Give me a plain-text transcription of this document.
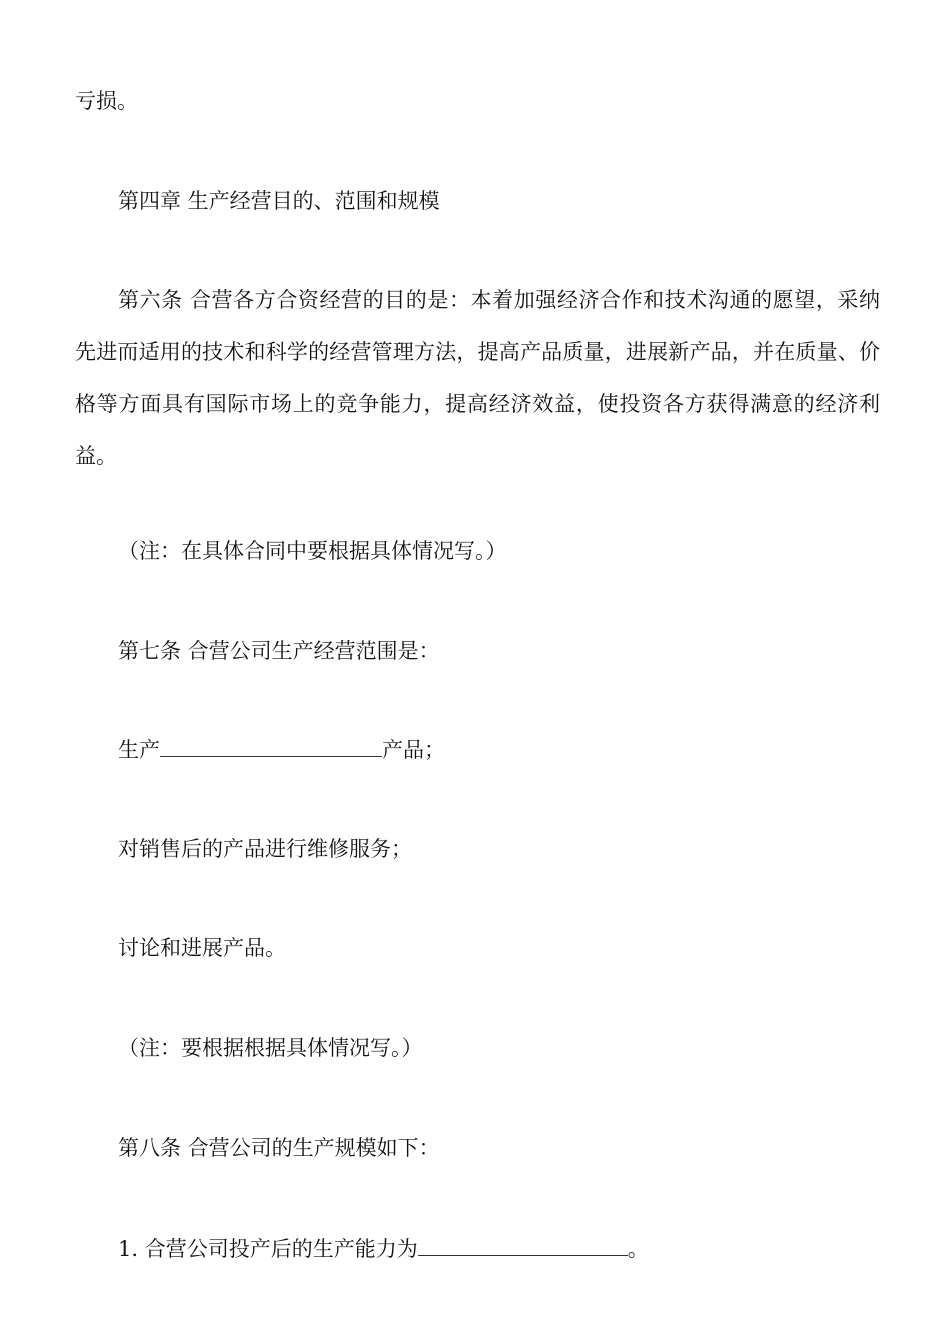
亏损。
第四章 生产经营目的、范围和规模
第六条 合营各方合资经营的目的是：本着加强经济合作和技术沟通的愿望，采纳先进而适用的技术和科学的经营管理方法，提高产品质量，进展新产品，并在质量、价格等方面具有国际市场上的竞争能力，提高经济效益，使投资各方获得满意的经济利益。
（注：在具体合同中要根据具体情况写。）
第七条 合营公司生产经营范围是：
生产	产品；
对销售后的产品进行维修服务；
讨论和进展产品。
（注：要根据根据具体情况写。）
第八条 合营公司的生产规模如下：
1. 合营公司投产后的生产能力为	。
